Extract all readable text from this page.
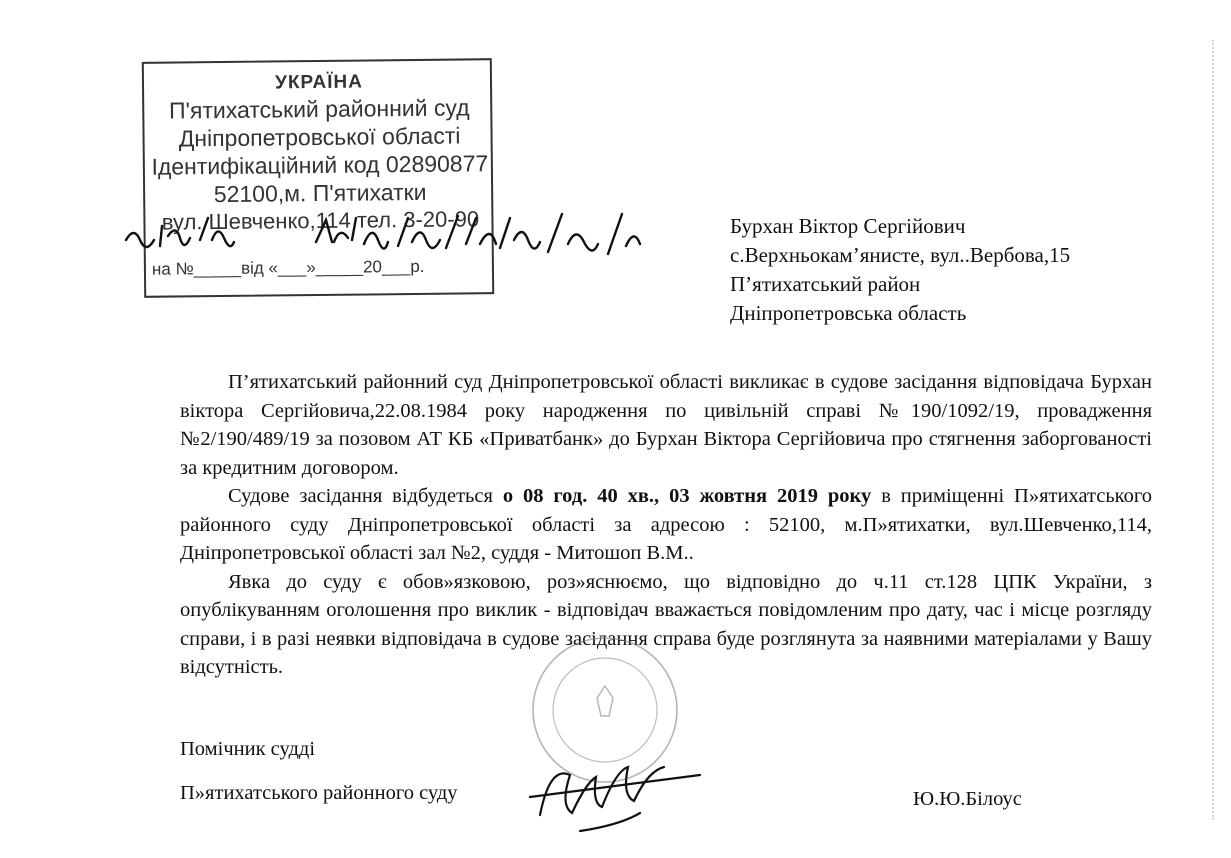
УКРАЇНА
П'ятихатський районний суд
Дніпропетровської області
Ідентифікаційний код 02890877
52100,м. П'ятихатки
вул. Шевченко,114 тел. 3-20-90
на №_____від «___»_____20___р.
Бурхан Віктор Сергійович
с.Верхньокам’янисте, вул..Вербова,15
П’ятихатський район
Дніпропетровська область

П’ятихатський районний суд Дніпропетровської області викликає в судове засідання відповідача Бурхан віктора Сергійовича,22.08.1984 року народження по цивільній справі №190/1092/19, провадження №2/190/489/19 за позовом АТ КБ «Приватбанк» до Бурхан Віктора Сергійовича про стягнення заборгованості за кредитним договором.

Судове засідання відбудеться о 08 год. 40 хв., 03 жовтня 2019 року в приміщенні П»ятихатського районного суду Дніпропетровської області за адресою : 52100, м.П»ятихатки, вул.Шевченко,114, Дніпропетровської області зал №2, суддя - Митошоп В.М..

Явка до суду є обов»язковою, роз»яснюємо, що відповідно до ч.11 ст.128 ЦПК України, з опублікуванням оголошення про виклик - відповідач вважається повідомленим про дату, час і місце розгляду справи, і в разі неявки відповідача в судове засідання справа буде розглянута за наявними матеріалами у Вашу відсутність.

Помічник судді
П»ятихатського районного суду	Ю.Ю.Білоус
